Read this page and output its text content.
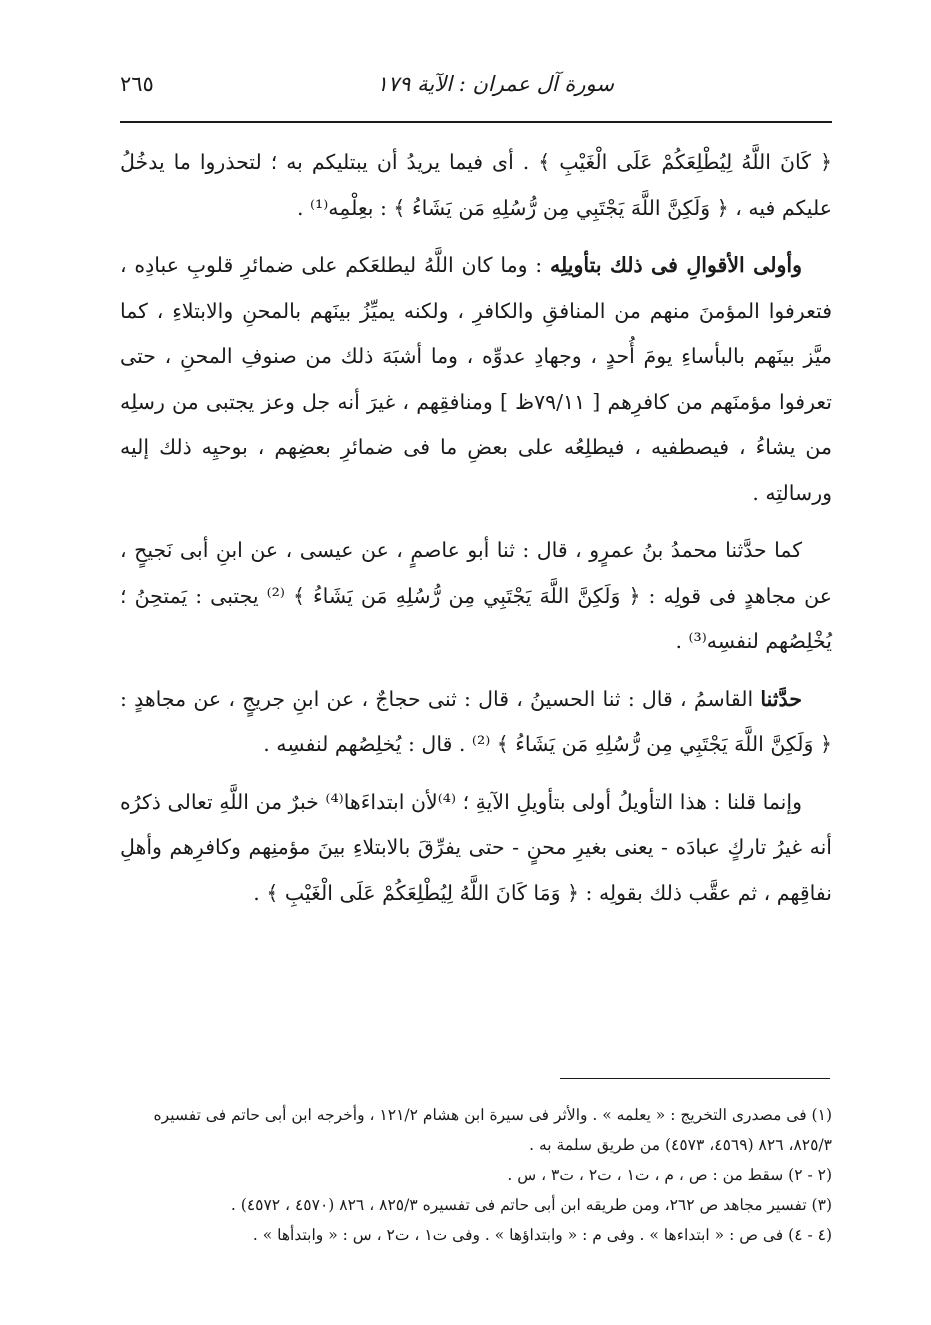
سورة آل عمران : الآية ١٧٩
٢٦٥

﴿ كَانَ اللَّهُ لِيُطْلِعَكُمْ عَلَى الْغَيْبِ ﴾ . أى فيما يريدُ أن يبتليكم به ؛ لتحذروا ما يدخُلُ عليكم فيه ، ﴿ وَلَكِنَّ اللَّهَ يَجْتَبِي مِن رُّسُلِهِ مَن يَشَاءُ ﴾ : بعِلْمِه⁽¹⁾ .

وأولى الأقوالِ فى ذلك بتأويلِه : وما كان اللَّهُ ليطلعَكم على ضمائرِ قلوبِ عبادِه ، فتعرفوا المؤمنَ منهم من المنافقِ والكافرِ ، ولكنه يميِّزُ بينَهم بالمحنِ والابتلاءِ ، كما ميَّز بينَهم بالبأساءِ يومَ أُحدٍ ، وجهادِ عدوِّه ، وما أشبَهَ ذلك من صنوفِ المحنِ ، حتى تعرفوا مؤمنَهم من كافرِهم [ ٧٩/١١ظ ] ومنافقِهم ، غيرَ أنه جل وعز يجتبى من رسلِه من يشاءُ ، فيصطفيه ، فيطلِعُه على بعضِ ما فى ضمائرِ بعضِهم ، بوحيِه ذلك إليه ورسالتِه .

كما حدَّثنا محمدُ بنُ عمرٍو ، قال : ثنا أبو عاصمٍ ، عن عيسى ، عن ابنِ أبى نَجيحٍ ، عن مجاهدٍ فى قولِه : ﴿ وَلَكِنَّ اللَّهَ يَجْتَبِي مِن رُّسُلِهِ مَن يَشَاءُ ﴾ ⁽²⁾ يجتبى : يَمتحِنُ ؛ يُخْلِصُهم لنفسِه⁽³⁾ .

حدَّثنا القاسمُ ، قال : ثنا الحسينُ ، قال : ثنى حجاجٌ ، عن ابنِ جريجٍ ، عن مجاهدٍ : ﴿ وَلَكِنَّ اللَّهَ يَجْتَبِي مِن رُّسُلِهِ مَن يَشَاءُ ﴾ ⁽²⁾ . قال : يُخلِصُهم لنفسِه .

وإنما قلنا : هذا التأويلُ أولى بتأويلِ الآيةِ ؛ ⁽⁴⁾لأن ابتداءَها⁽⁴⁾ خبرٌ من اللَّهِ تعالى ذكرُه أنه غيرُ تاركٍ عبادَه - يعنى بغيرِ محنٍ - حتى يفرِّقَ بالابتلاءِ بينَ مؤمنِهم وكافرِهم وأهلِ نفاقِهم ، ثم عقَّب ذلك بقولِه : ﴿ وَمَا كَانَ اللَّهُ لِيُطْلِعَكُمْ عَلَى الْغَيْبِ ﴾ .

(١) فى مصدرى التخريج : « يعلمه » . والأثر فى سيرة ابن هشام ١٢١/٢ ، وأخرجه ابن أبى حاتم فى تفسيره ٨٢٥/٣، ٨٢٦ (٤٥٦٩، ٤٥٧٣) من طريق سلمة به .
(٢ - ٢) سقط من : ص ، م ، ت١ ، ت٢ ، ت٣ ، س .
(٣) تفسير مجاهد ص ٢٦٢، ومن طريقه ابن أبى حاتم فى تفسيره ٨٢٥/٣ ، ٨٢٦ (٤٥٧٠ ، ٤٥٧٢) .
(٤ - ٤) فى ص : « ابتداءها » . وفى م : « وابتداؤها » . وفى ت١ ، ت٢ ، س : « وابتدأها » .
